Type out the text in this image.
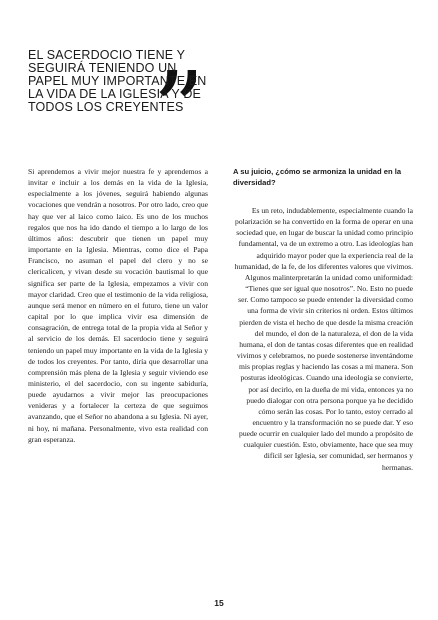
EL SACERDOCIO TIENE Y SEGUIRÁ TENIENDO UN PAPEL MUY IMPORTANTE EN LA VIDA DE LA IGLESIA Y DE TODOS LOS CREYENTES
”

Si aprendemos a vivir mejor nuestra fe y aprendemos a invitar e incluir a los demás en la vida de la Iglesia, especialmente a los jóvenes, seguirá habiendo algunas vocaciones que vendrán a nosotros. Por otro lado, creo que hay que ver al laico como laico. Es uno de los muchos regalos que nos ha ido dando el tiempo a lo largo de los últimos años: descubrir que tienen un papel muy importante en la Iglesia. Mientras, como dice el Papa Francisco, no asuman el papel del clero y no se clericalicen, y vivan desde su vocación bautismal lo que significa ser parte de la Iglesia, empezamos a vivir con mayor claridad. Creo que el testimonio de la vida religiosa, aunque será menor en número en el futuro, tiene un valor capital por lo que implica vivir esa dimensión de consagración, de entrega total de la propia vida al Señor y al servicio de los demás. El sacerdocio tiene y seguirá teniendo un papel muy importante en la vida de la Iglesia y de todos los creyentes. Por tanto, diría que desarrollar una comprensión más plena de la Iglesia y seguir viviendo ese ministerio, el del sacerdocio, con su ingente sabiduría, puede ayudarnos a vivir mejor las preocupaciones venideras y a fortalecer la certeza de que seguimos avanzando, que el Señor no abandona a su Iglesia. Ni ayer, ni hoy, ni mañana. Personalmente, vivo esta realidad con gran esperanza.

A su juicio, ¿cómo se armoniza la unidad en la diversidad?

Es un reto, indudablemente, especialmente cuando la polarización se ha convertido en la forma de operar en una sociedad que, en lugar de buscar la unidad como principio fundamental, va de un extremo a otro. Las ideologías han adquirido mayor poder que la experiencia real de la humanidad, de la fe, de los diferentes valores que vivimos. Algunos malinterpretarán la unidad como uniformidad: “Tienes que ser igual que nosotros”. No. Esto no puede ser. Como tampoco se puede entender la diversidad como una forma de vivir sin criterios ni orden. Estos últimos pierden de vista el hecho de que desde la misma creación del mundo, el don de la naturaleza, el don de la vida humana, el don de tantas cosas diferentes que en realidad vivimos y celebramos, no puede sostenerse inventándome mis propias reglas y haciendo las cosas a mi manera. Son posturas ideológicas. Cuando una ideología se convierte, por así decirlo, en la dueña de mi vida, entonces ya no puedo dialogar con otra persona porque ya he decidido cómo serán las cosas. Por lo tanto, estoy cerrado al encuentro y la transformación no se puede dar. Y eso puede ocurrir en cualquier lado del mundo a propósito de cualquier cuestión. Esto, obviamente, hace que sea muy difícil ser Iglesia, ser comunidad, ser hermanos y hermanas.

15
